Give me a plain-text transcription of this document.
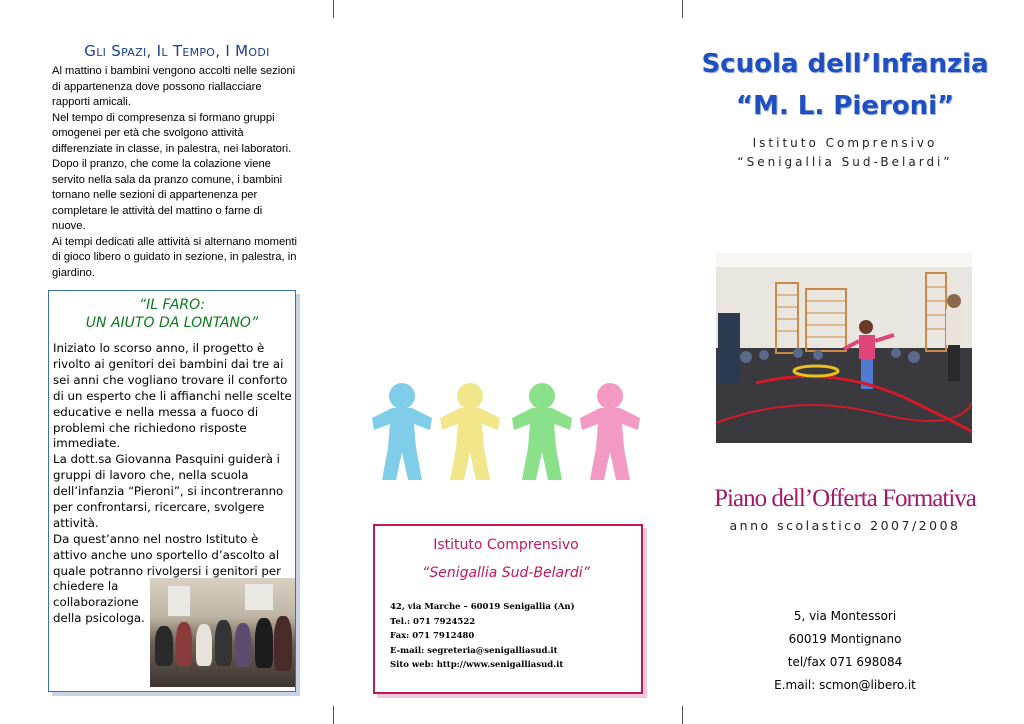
Gli Spazi, Il Tempo, I Modi

Al mattino i bambini vengono accolti nelle sezioni di appartenenza dove possono riallacciare rapporti amicali.

Nel tempo di compresenza si formano gruppi omogenei per età che svolgono attività differenziate in classe, in palestra, nei laboratori.

Dopo il pranzo, che come la colazione viene servito nella sala da pranzo comune, i bambini tornano nelle sezioni di appartenenza per completare le attività del mattino o farne di nuove.

Ai tempi dedicati alle attività si alternano momenti di gioco libero o guidato in sezione, in palestra, in giardino.

“IL FARO:
UN AIUTO DA LONTANO”

Iniziato lo scorso anno, il progetto è rivolto ai genitori dei bambini dai tre ai sei anni che vogliano trovare il conforto di un esperto che li affianchi nelle scelte educative e nella messa a fuoco di problemi che richiedono risposte immediate.

La dott.sa Giovanna Pasquini guiderà i gruppi di lavoro che, nella scuola dell’infanzia “Pieroni”, si incontreranno per confrontarsi, ricercare, svolgere attività.

Da quest’anno nel nostro Istituto è attivo anche uno sportello d’ascolto al quale potranno rivolgersi i genitori per

chiedere la collaborazione della psicologa.
Istituto Comprensivo
“Senigallia Sud-Belardi”
42, via Marche – 60019 Senigallia (An)
Tel.: 071 7924522
Fax: 071 7912480
E-mail: segreteria@senigalliasud.it
Sito web: http://www.senigalliasud.it
Scuola dell’Infanzia
“M. L. Pieroni”
Istituto Comprensivo
“Senigallia Sud-Belardi”
Piano dell’Offerta Formativa
anno scolastico 2007/2008
5, via Montessori
60019 Montignano
tel/fax 071 698084
E.mail: scmon@libero.it
